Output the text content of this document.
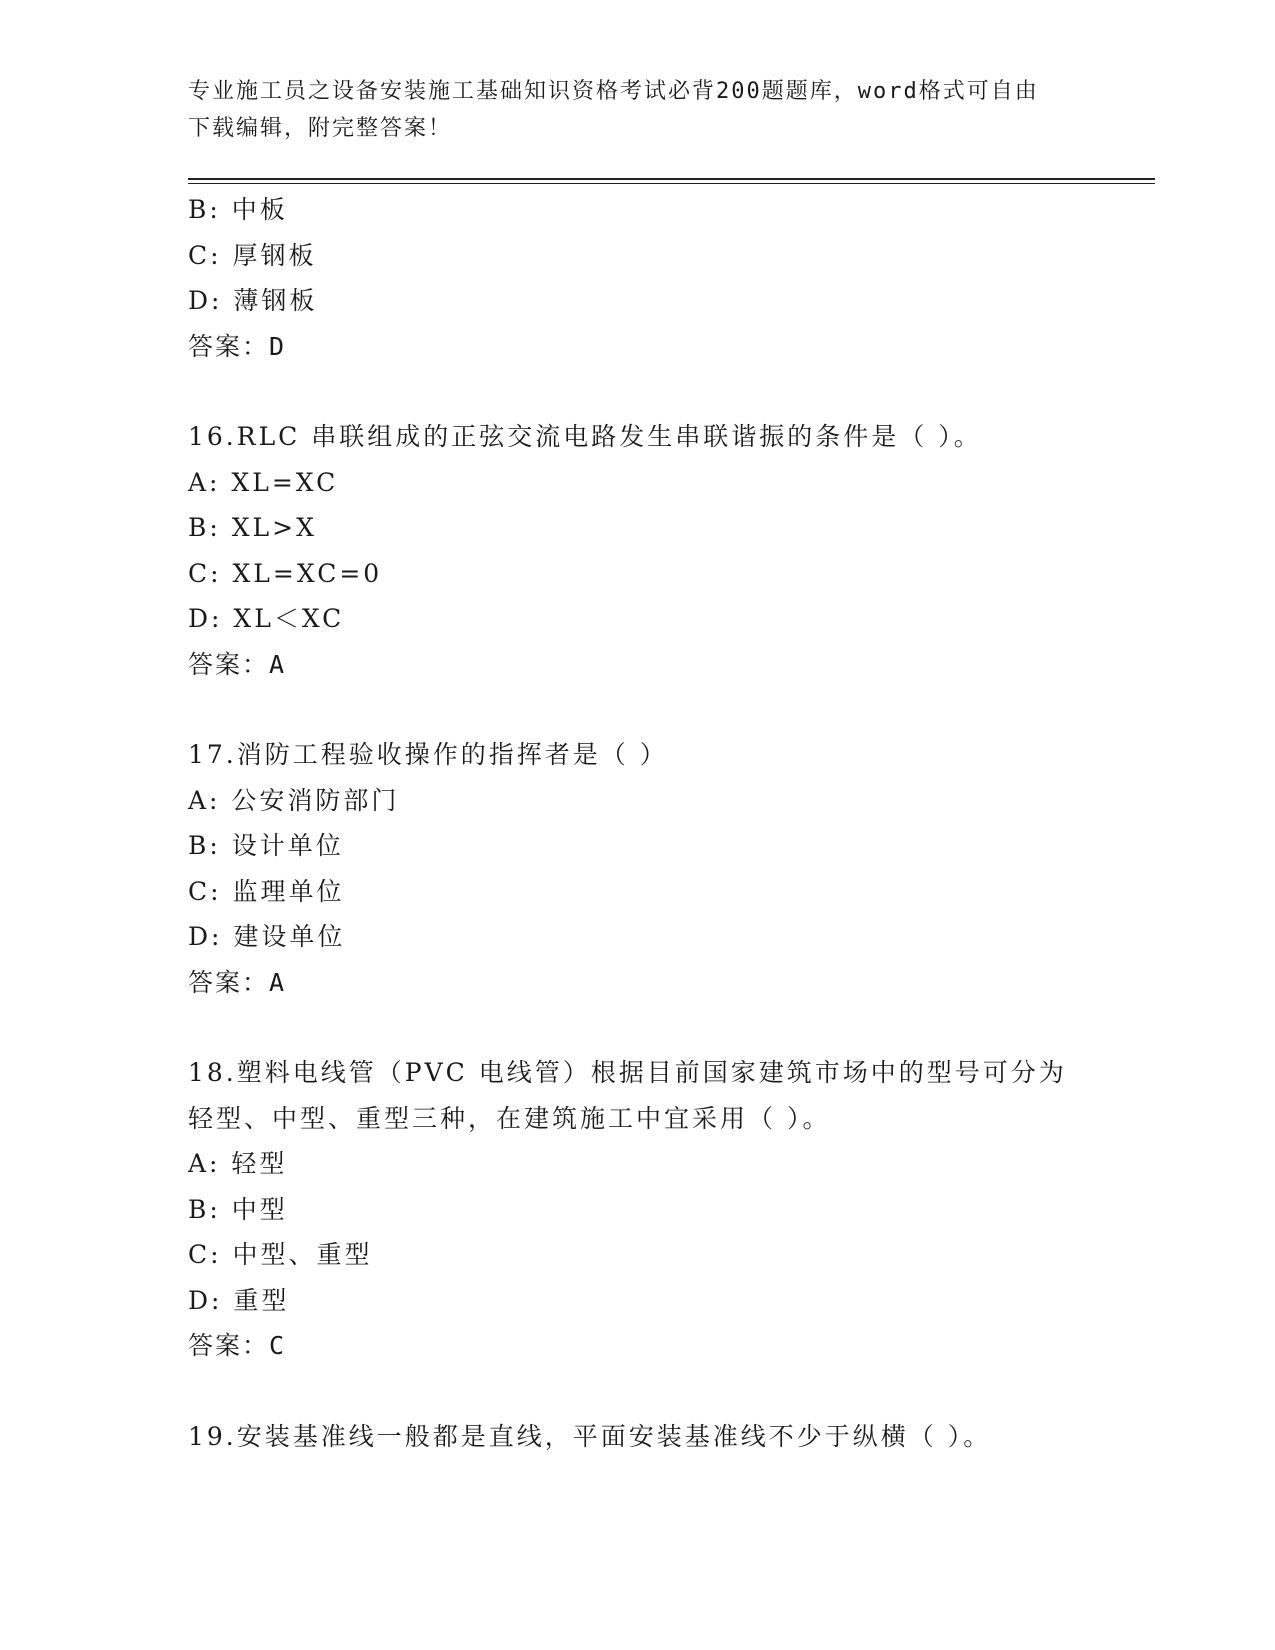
专业施工员之设备安装施工基础知识资格考试必背200题题库，word格式可自由
下载编辑，附完整答案！
B: 中板
C: 厚钢板
D: 薄钢板
答案：D
16.RLC 串联组成的正弦交流电路发生串联谐振的条件是（ ）。
A: XL=XC
B: XL>X
C: XL=XC=0
D: XL＜XC
答案：A
17.消防工程验收操作的指挥者是（ ）
A: 公安消防部门
B: 设计单位
C: 监理单位
D: 建设单位
答案：A
18.塑料电线管（PVC 电线管）根据目前国家建筑市场中的型号可分为
轻型、中型、重型三种，在建筑施工中宜采用（ ）。
A: 轻型
B: 中型
C: 中型、重型
D: 重型
答案：C
19.安装基准线一般都是直线，平面安装基准线不少于纵横（ ）。
